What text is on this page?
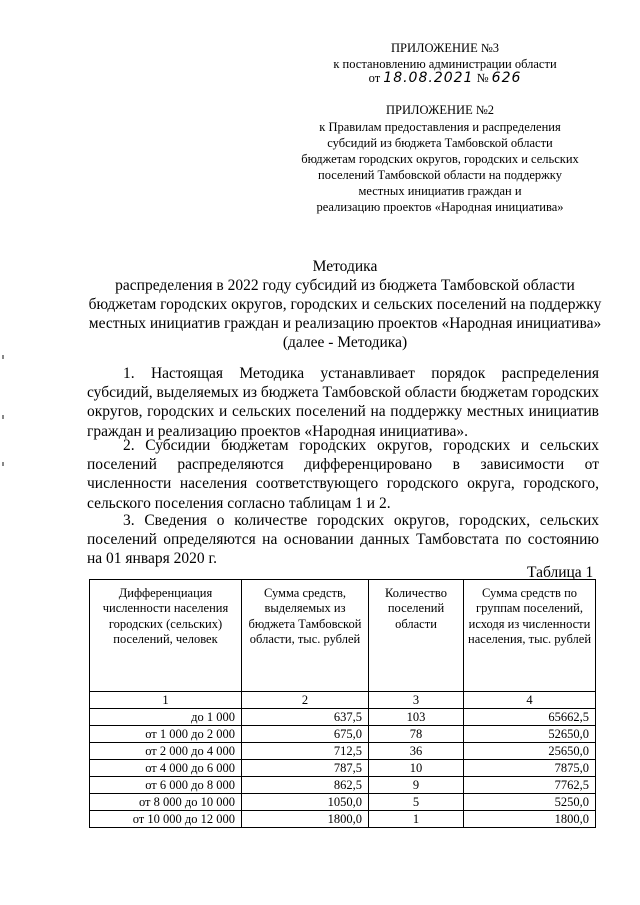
ПРИЛОЖЕНИЕ №3
к постановлению администрации области
от 18.08.2021 № 626
ПРИЛОЖЕНИЕ №2
к Правилам предоставления и распределения
субсидий из бюджета Тамбовской области
бюджетам городских округов, городских и сельских
поселений Тамбовской области на поддержку
местных инициатив граждан и
реализацию проектов «Народная инициатива»
Методика
распределения в 2022 году субсидий из бюджета Тамбовской области
бюджетам городских округов, городских и сельских поселений на поддержку
местных инициатив граждан и реализацию проектов «Народная инициатива»
(далее - Методика)

1. Настоящая Методика устанавливает порядок распределения субсидий, выделяемых из бюджета Тамбовской области бюджетам городских округов, городских и сельских поселений на поддержку местных инициатив граждан и реализацию проектов «Народная инициатива».

2. Субсидии бюджетам городских округов, городских и сельских поселений распределяются дифференцировано в зависимости от численности населения соответствующего городского округа, городского, сельского поселения согласно таблицам 1 и 2.

3. Сведения о количестве городских округов, городских, сельских поселений определяются на основании данных Тамбовстата по состоянию на 01 января 2020 г.

Таблица 1
Дифференциация численности населения городских (сельских) поселений, человек	Сумма средств, выделяемых из бюджета Тамбовской области, тыс. рублей	Количество поселений области	Сумма средств по группам поселений, исходя из численности населения, тыс. рублей
1	2	3	4
до 1 000	637,5	103	65662,5
от 1 000 до 2 000	675,0	78	52650,0
от 2 000 до 4 000	712,5	36	25650,0
от 4 000 до 6 000	787,5	10	7875,0
от 6 000 до 8 000	862,5	9	7762,5
от 8 000 до 10 000	1050,0	5	5250,0
от 10 000 до 12 000	1800,0	1	1800,0
